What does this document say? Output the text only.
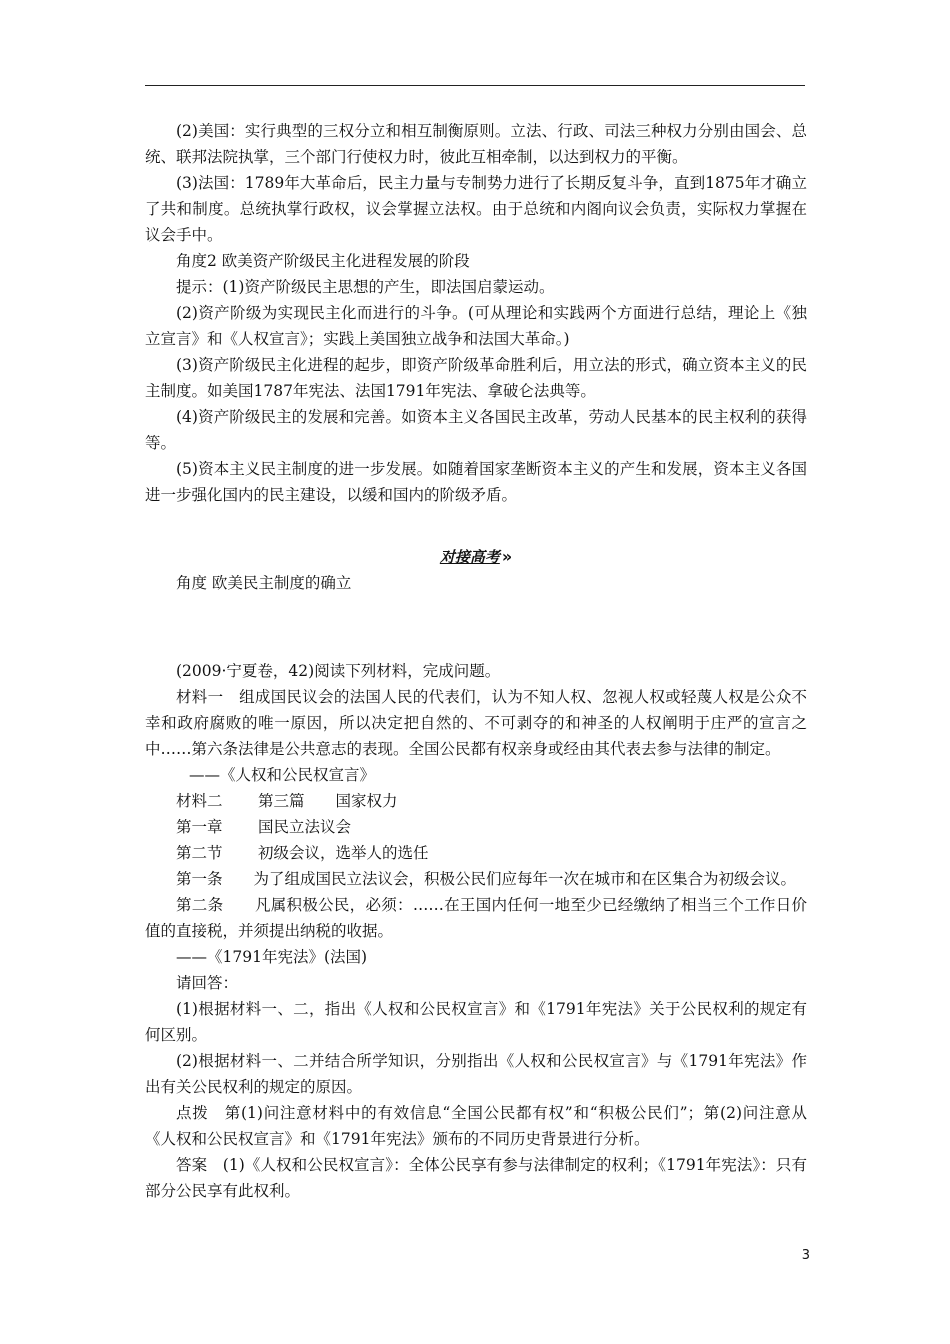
(2)美国：实行典型的三权分立和相互制衡原则。立法、行政、司法三种权力分别由国会、总统、联邦法院执掌，三个部门行使权力时，彼此互相牵制，以达到权力的平衡。

(3)法国：1789年大革命后，民主力量与专制势力进行了长期反复斗争，直到1875年才确立了共和制度。总统执掌行政权，议会掌握立法权。由于总统和内阁向议会负责，实际权力掌握在议会手中。

角度2 欧美资产阶级民主化进程发展的阶段

提示：(1)资产阶级民主思想的产生，即法国启蒙运动。

(2)资产阶级为实现民主化而进行的斗争。(可从理论和实践两个方面进行总结，理论上《独立宣言》和《人权宣言》；实践上美国独立战争和法国大革命。)

(3)资产阶级民主化进程的起步，即资产阶级革命胜利后，用立法的形式，确立资本主义的民主制度。如美国1787年宪法、法国1791年宪法、拿破仑法典等。

(4)资产阶级民主的发展和完善。如资本主义各国民主改革，劳动人民基本的民主权利的获得等。

(5)资本主义民主制度的进一步发展。如随着国家垄断资本主义的产生和发展，资本主义各国进一步强化国内的民主建设，以缓和国内的阶级矛盾。

对接高考 »

角度 欧美民主制度的确立

(2009·宁夏卷，42)阅读下列材料，完成问题。

材料一　组成国民议会的法国人民的代表们，认为不知人权、忽视人权或轻蔑人权是公众不幸和政府腐败的唯一原因，所以决定把自然的、不可剥夺的和神圣的人权阐明于庄严的宣言之中……第六条法律是公共意志的表现。全国公民都有权亲身或经由其代表去参与法律的制定。

——《人权和公民权宣言》

材料二 第三篇　　国家权力

第一章 国民立法议会

第二节 初级会议，选举人的选任

第一条　　为了组成国民立法议会，积极公民们应每年一次在城市和在区集合为初级会议。

第二条　　凡属积极公民，必须：……在王国内任何一地至少已经缴纳了相当三个工作日价值的直接税，并须提出纳税的收据。

——《1791年宪法》(法国)

请回答：

(1)根据材料一、二，指出《人权和公民权宣言》和《1791年宪法》关于公民权利的规定有何区别。

(2)根据材料一、二并结合所学知识，分别指出《人权和公民权宣言》与《1791年宪法》作出有关公民权利的规定的原因。

点拨　第(1)问注意材料中的有效信息“全国公民都有权”和“积极公民们”；第(2)问注意从《人权和公民权宣言》和《1791年宪法》颁布的不同历史背景进行分析。

答案　(1)《人权和公民权宣言》：全体公民享有参与法律制定的权利；《1791年宪法》：只有部分公民享有此权利。

3
